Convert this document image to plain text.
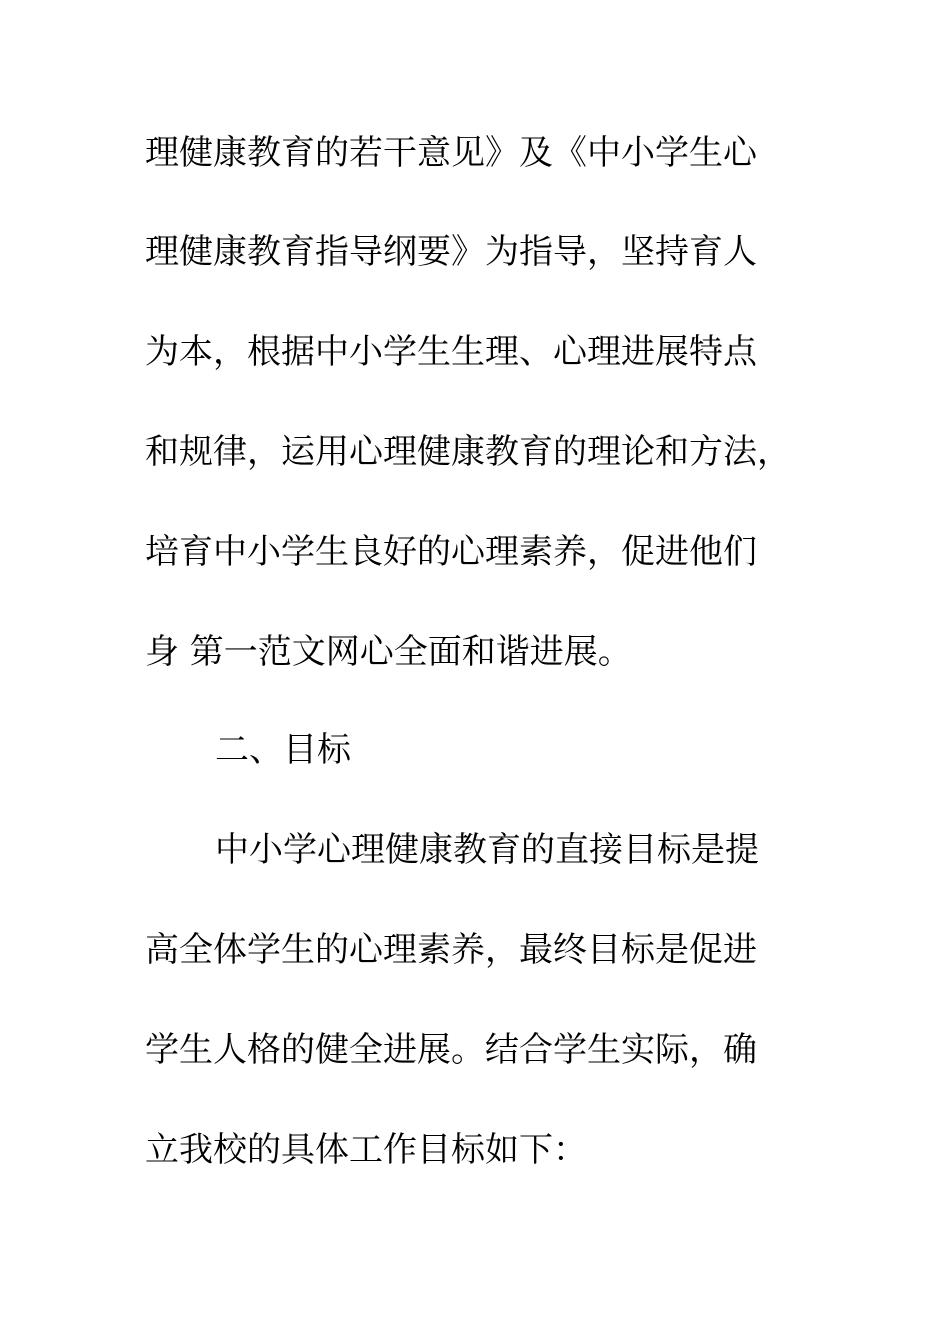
理健康教育的若干意见》及《中小学生心
理健康教育指导纲要》为指导，坚持育人
为本，根据中小学生生理、心理进展特点
和规律，运用心理健康教育的理论和方法，
培育中小学生良好的心理素养，促进他们
身 第一范文网心全面和谐进展。
二、目标
中小学心理健康教育的直接目标是提
高全体学生的心理素养，最终目标是促进
学生人格的健全进展。结合学生实际，确
立我校的具体工作目标如下：
